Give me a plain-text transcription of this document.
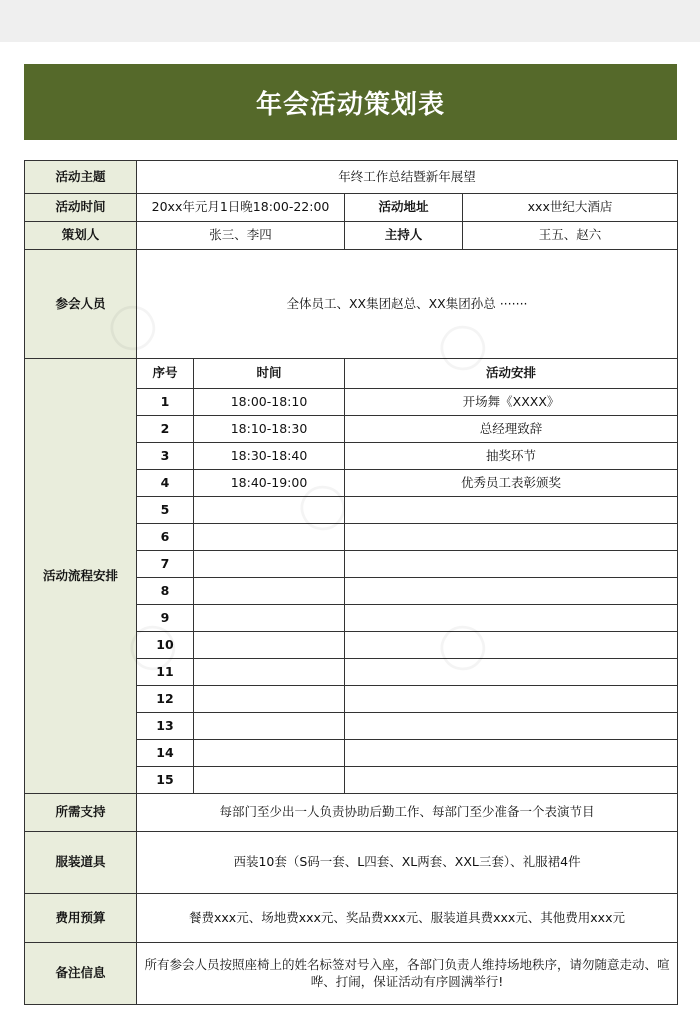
年会活动策划表
活动主题	年终工作总结暨新年展望			
活动时间	20xx年元月1日晚18:00-22:00		活动地址	xxx世纪大酒店
策划人	张三、李四		主持人	王五、赵六
参会人员	全体员工、XX集团赵总、XX集团孙总 ·······			
活动流程安排	序号	时间	活动安排	
	1	18:00-18:10	开场舞《XXXX》	
	2	18:10-18:30	总经理致辞	
	3	18:30-18:40	抽奖环节	
	4	18:40-19:00	优秀员工表彰颁奖	
	5			
	6			
	7			
	8			
	9			
	10			
	11			
	12			
	13			
	14			
	15			
所需支持	每部门至少出一人负责协助后勤工作、每部门至少准备一个表演节目			
服装道具	西装10套（S码一套、L四套、XL两套、XXL三套）、礼服裙4件			
费用预算	餐费xxx元、场地费xxx元、奖品费xxx元、服装道具费xxx元、其他费用xxx元			
备注信息	所有参会人员按照座椅上的姓名标签对号入座，各部门负责人维持场地秩序，请勿随意走动、喧哗、打闹，保证活动有序圆满举行!			
